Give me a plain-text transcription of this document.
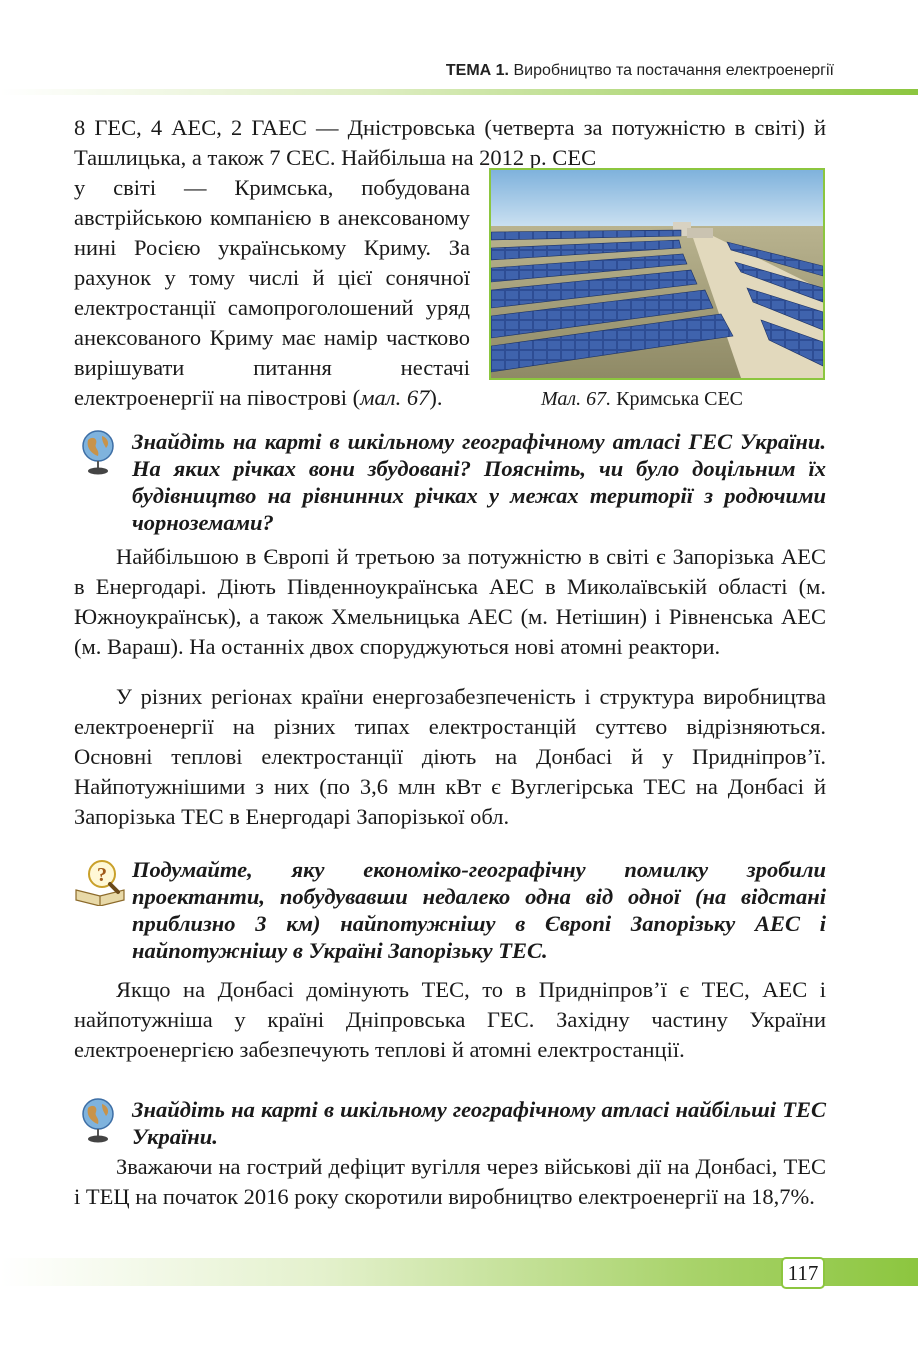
ТЕМА 1. Виробництво та постачання електроенергії

8 ГЕС, 4 АЕС, 2 ГАЕС — Дністровська (четверта за потужністю в світі) й Ташлицька, а також 7 СЕС. Найбільша на 2012 р. СЕС

у світі — Кримська, побудована австрійською компанією в анексованому нині Росією українському Криму. За рахунок у тому числі й цієї сонячної електростанції самопроголошений уряд анексованого Криму має намір частково вирішувати питання нестачі електроенергії на півострові (мал. 67).	Мал. 67. Кримська СЕС

Знайдіть на карті в шкільному географічному атласі ГЕС України. На яких річках вони збудовані? Поясніть, чи було доцільним їх будівництво на рівнинних річках у межах території з родючими чорноземами?

Найбільшою в Європі й третьою за потужністю в світі є Запорізька АЕС в Енергодарі. Діють Південноукраїнська АЕС в Миколаївській області (м. Южноукраїнськ), а також Хмельницька АЕС (м. Нетішин) і Рівненська АЕС (м. Вараш). На останніх двох споруджуються нові атомні реактори.

У різних регіонах країни енергозабезпеченість і структура виробництва електроенергії на різних типах електростанцій суттєво відрізняються. Основні теплові електростанції діють на Донбасі й у Придніпров’ї. Найпотужнішими з них (по 3,6 млн кВт є Вуглегірська ТЕС на Донбасі й Запорізька ТЕС в Енергодарі Запорізької обл.

? Подумайте, яку економіко-географічну помилку зробили проектанти, побудувавши недалеко одна від одної (на відстані приблизно 3 км) найпотужнішу в Європі Запорізьку АЕС і найпотужнішу в Україні Запорізьку ТЕС.

Якщо на Донбасі домінують ТЕС, то в Придніпров’ї є ТЕС, АЕС і найпотужніша у країні Дніпровська ГЕС. Західну частину України електроенергією забезпечують теплові й атомні електростанції.

Знайдіть на карті в шкільному географічному атласі найбільші ТЕС України.

Зважаючи на гострий дефіцит вугілля через військові дії на Донбасі, ТЕС і ТЕЦ на початок 2016 року скоротили виробництво електроенергії на 18,7%.

117
